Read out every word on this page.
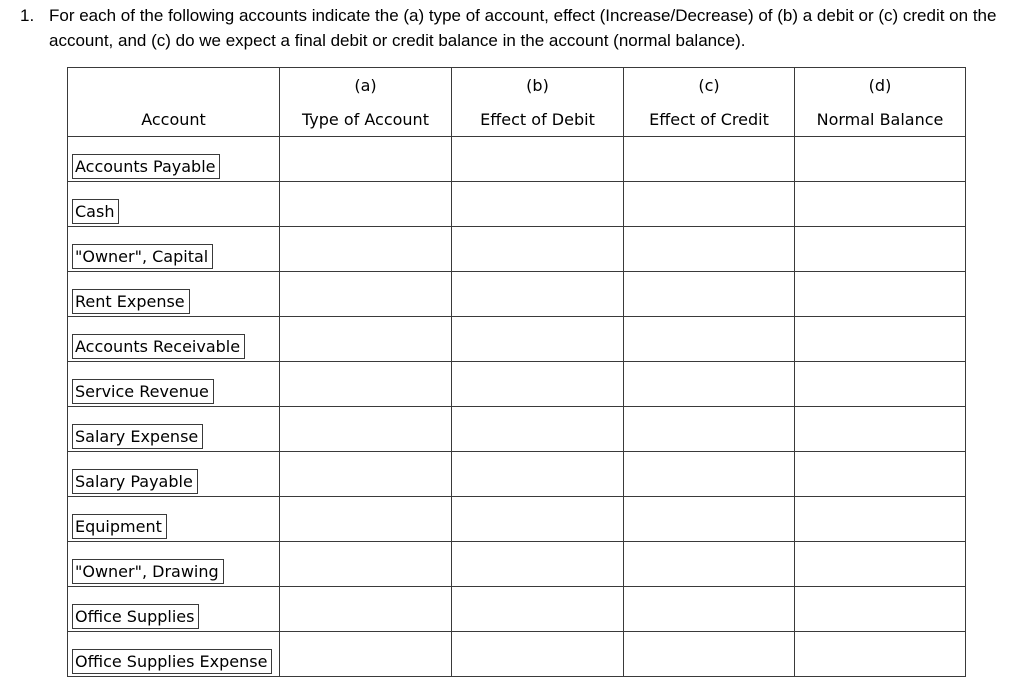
1. For each of the following accounts indicate the (a) type of account, effect (Increase/Decrease) of (b) a debit or (c) credit on the account, and (c) do we expect a final debit or credit balance in the account (normal balance).
	(a)	(b)	(c)	(d)
Account	Type of Account	Effect of Debit	Effect of Credit	Normal Balance
Accounts Payable				
Cash				
"Owner", Capital				
Rent Expense				
Accounts Receivable				
Service Revenue				
Salary Expense				
Salary Payable				
Equipment				
"Owner", Drawing				
Office Supplies				
Office Supplies Expense				
